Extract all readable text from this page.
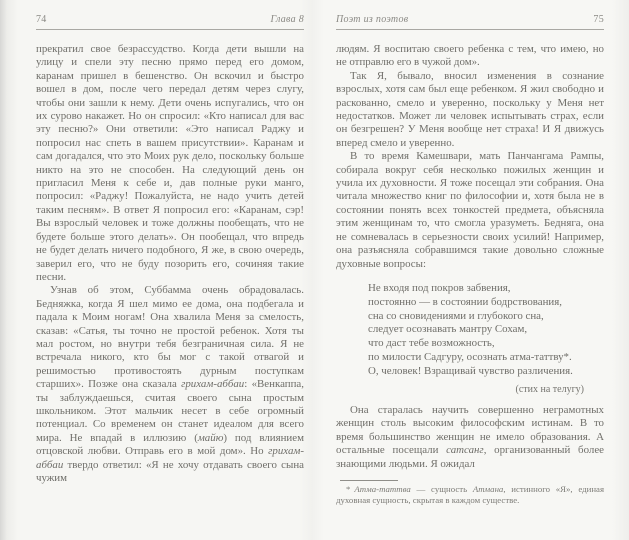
74	Глава 8

прекратил свое безрассудство. Когда дети вышли на улицу и спели эту песню прямо перед его домом, каранам пришел в бешенство. Он вскочил и быстро вошел в дом, после чего передал детям через слугу, чтобы они зашли к нему. Дети очень испугались, что он их сурово накажет. Но он спросил: «Кто написал для вас эту песню?» Они ответили: «Это написал Раджу и попросил нас спеть в вашем присутствии». Каранам и сам догадался, что это Моих рук дело, поскольку больше никто на это не способен. На следующий день он пригласил Меня к себе и, дав полные руки манго, попросил: «Раджу! Пожалуйста, не надо учить детей таким песням». В ответ Я попросил его: «Каранам, сэр! Вы взрослый человек и тоже должны пообещать, что не будете больше этого делать». Он пообещал, что впредь не будет делать ничего подобного, Я же, в свою очередь, заверил его, что не буду позорить его, сочиняя такие песни.

Узнав об этом, Суббамма очень обрадовалась. Бедняжка, когда Я шел мимо ее дома, она подбегала и падала к Моим ногам! Она хвалила Меня за смелость, сказав: «Сатья, ты точно не простой ребенок. Хотя ты мал ростом, но внутри тебя безграничная сила. Я не встречала никого, кто бы мог с такой отвагой и решимостью противостоять дурным поступкам старших». Позже она сказала грихам-аббаи: «Венкаппа, ты заблуждаешься, считая своего сына простым школьником. Этот мальчик несет в себе огромный потенциал. Со временем он станет идеалом для всего мира. Не впадай в иллюзию (майю) под влиянием отцовской любви. Отправь его в мой дом». Но грихам-аббаи твердо ответил: «Я не хочу отдавать своего сына чужим

Поэт из поэтов	75

людям. Я воспитаю своего ребенка с тем, что имею, но не отправлю его в чужой дом».

Так Я, бывало, вносил изменения в сознание взрослых, хотя сам был еще ребенком. Я жил свободно и раскованно, смело и уверенно, поскольку у Меня нет недостатков. Может ли человек испытывать страх, если он безгрешен? У Меня вообще нет страха! И Я движусь вперед смело и уверенно.

В то время Камешвари, мать Панчангама Рампы, собирала вокруг себя несколько пожилых женщин и учила их духовности. Я тоже посещал эти собрания. Она читала множество книг по философии и, хотя была не в состоянии понять всех тонкостей предмета, объясняла этим женщинам то, что смогла уразуметь. Бедняга, она не сомневалась в серьезности своих усилий! Например, она разъясняла собравшимся такие довольно сложные духовные вопросы:

Не входя под покров забвения,
постоянно — в состоянии бодрствования,
сна со сновидениями и глубокого сна,
следует осознавать мантру Сохам,
что даст тебе возможность,
по милости Садгуру, осознать атма-таттву*.
О, человек! Взращивай чувство различения.
(стих на телугу)

Она старалась научить совершенно неграмотных женщин столь высоким философским истинам. В то время большинство женщин не имело образования. А остальные посещали сатсанг, организованный более знающими людьми. Я ожидал

* Атма-таттва — сущность Атмана, истинного «Я», единая духовная сущность, скрытая в каждом существе.
